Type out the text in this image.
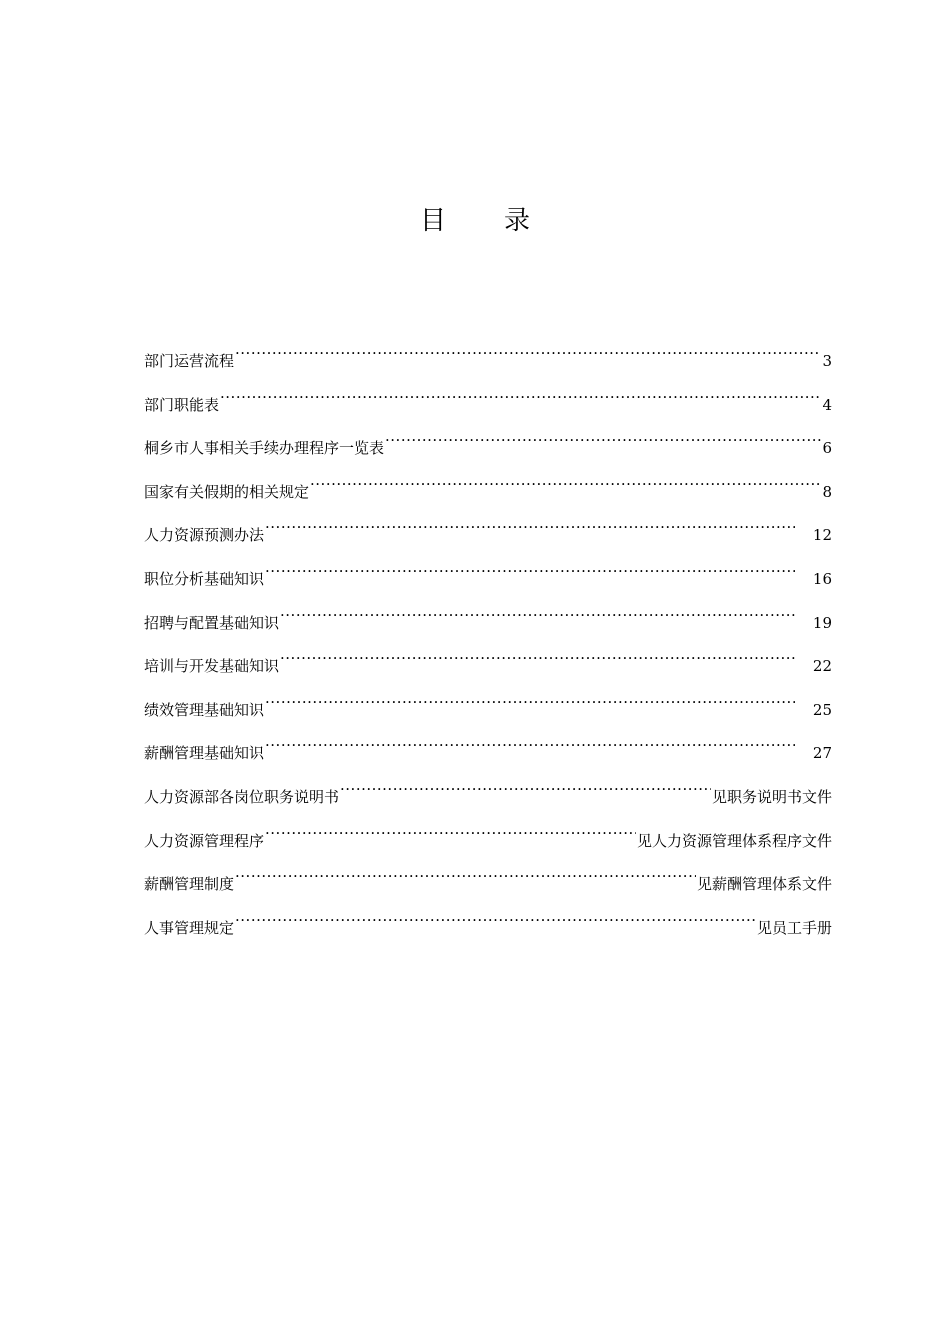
目 录
部门运营流程 ·····	3
部门职能表 ·····	4
桐乡市人事相关手续办理程序一览表 ·····	6
国家有关假期的相关规定 ·····	8
人力资源预测办法 ·····	12
职位分析基础知识 ·····	16
招聘与配置基础知识 ·····	19
培训与开发基础知识 ·····	22
绩效管理基础知识 ·····	25
薪酬管理基础知识 ·····	27
人力资源部各岗位职务说明书 ·····	见职务说明书文件
人力资源管理程序 ·····	见人力资源管理体系程序文件
薪酬管理制度 ·····	见薪酬管理体系文件
人事管理规定 ·····	见员工手册
